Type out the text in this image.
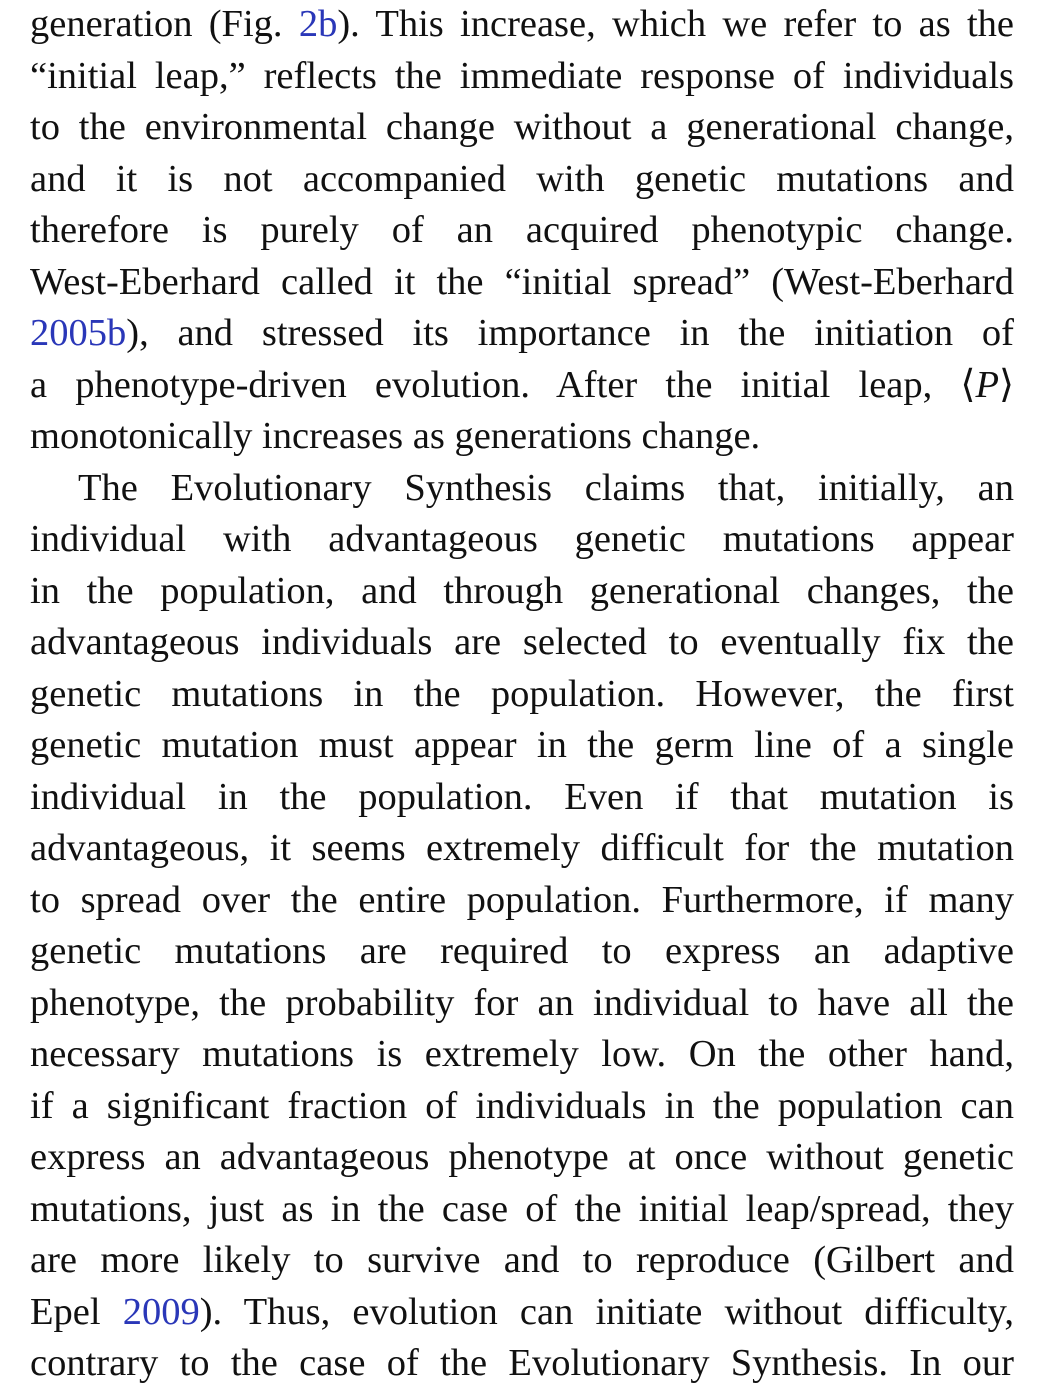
generation (Fig. 2b). This increase, which we refer to as the
“initial leap,” reflects the immediate response of individuals
to the environmental change without a generational change,
and it is not accompanied with genetic mutations and
therefore is purely of an acquired phenotypic change.
West-Eberhard called it the “initial spread” (West-Eberhard
2005b), and stressed its importance in the initiation of
a phenotype-driven evolution. After the initial leap, ⟨P⟩
monotonically increases as generations change.
The Evolutionary Synthesis claims that, initially, an
individual with advantageous genetic mutations appear
in the population, and through generational changes, the
advantageous individuals are selected to eventually fix the
genetic mutations in the population. However, the first
genetic mutation must appear in the germ line of a single
individual in the population. Even if that mutation is
advantageous, it seems extremely difficult for the mutation
to spread over the entire population. Furthermore, if many
genetic mutations are required to express an adaptive
phenotype, the probability for an individual to have all the
necessary mutations is extremely low. On the other hand,
if a significant fraction of individuals in the population can
express an advantageous phenotype at once without genetic
mutations, just as in the case of the initial leap/spread, they
are more likely to survive and to reproduce (Gilbert and
Epel 2009). Thus, evolution can initiate without difficulty,
contrary to the case of the Evolutionary Synthesis. In our
